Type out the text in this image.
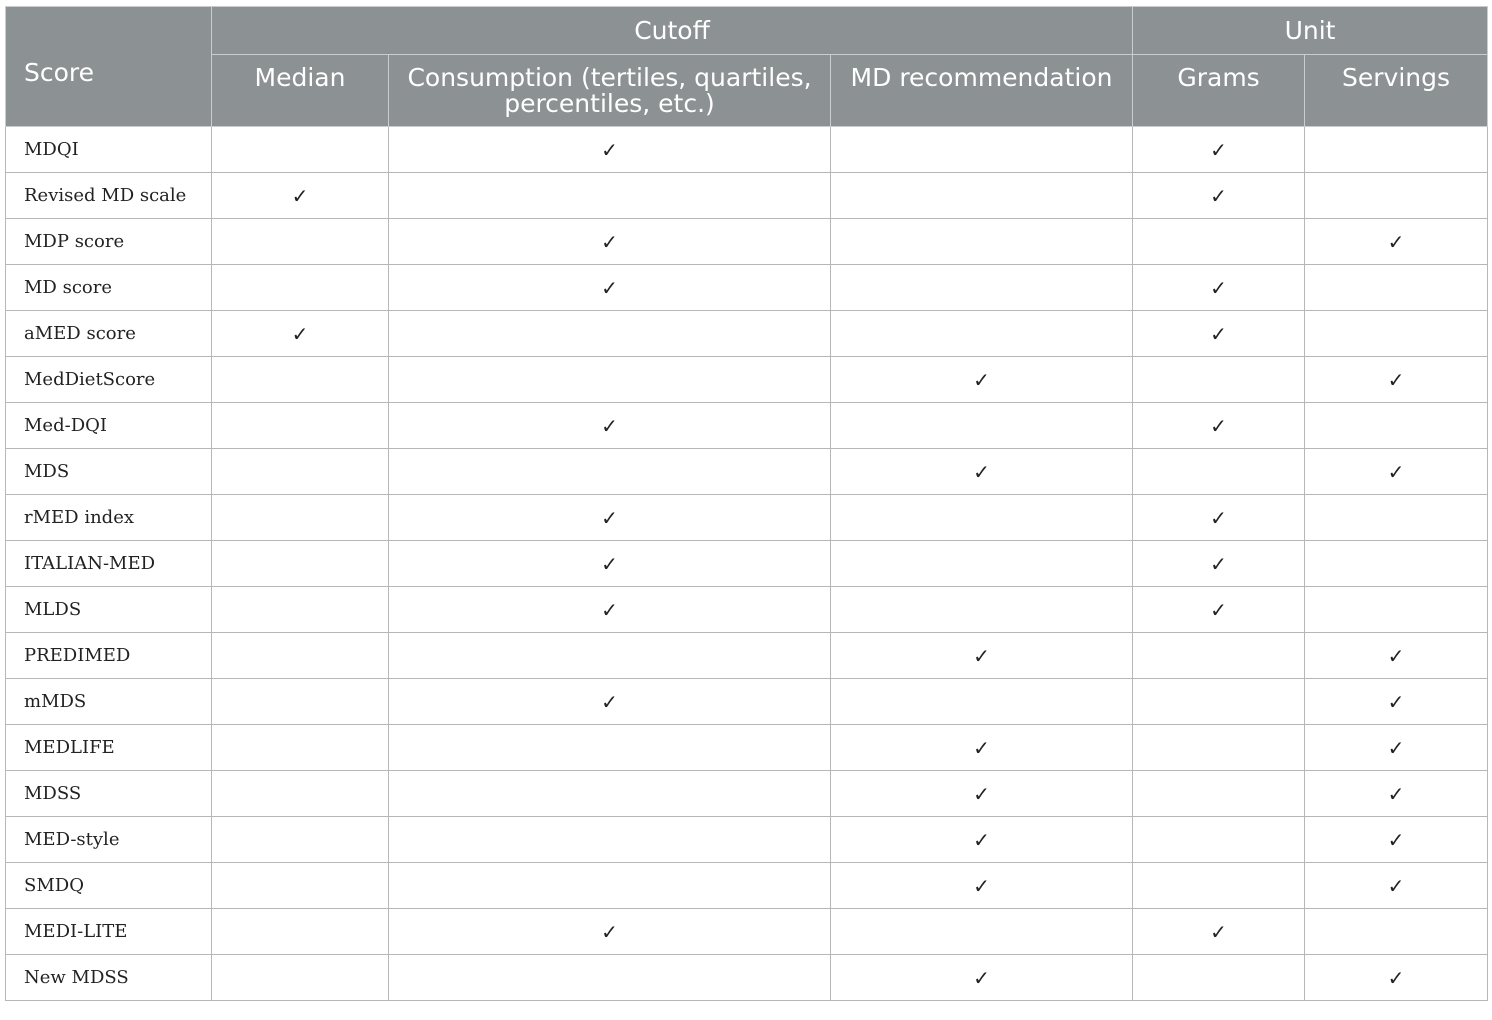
Score	Cutoff			Unit	
	Median	Consumption (tertiles, quartiles,
percentiles, etc.)	MD recommendation	Grams	Servings
MDQI		✓		✓	
Revised MD scale	✓			✓	
MDP score		✓			✓
MD score		✓		✓	
aMED score	✓			✓	
MedDietScore			✓		✓
Med-DQI		✓		✓	
MDS			✓		✓
rMED index		✓		✓	
ITALIAN-MED		✓		✓	
MLDS		✓		✓	
PREDIMED			✓		✓
mMDS		✓			✓
MEDLIFE			✓		✓
MDSS			✓		✓
MED-style			✓		✓
SMDQ			✓		✓
MEDI-LITE		✓		✓	
New MDSS			✓		✓
